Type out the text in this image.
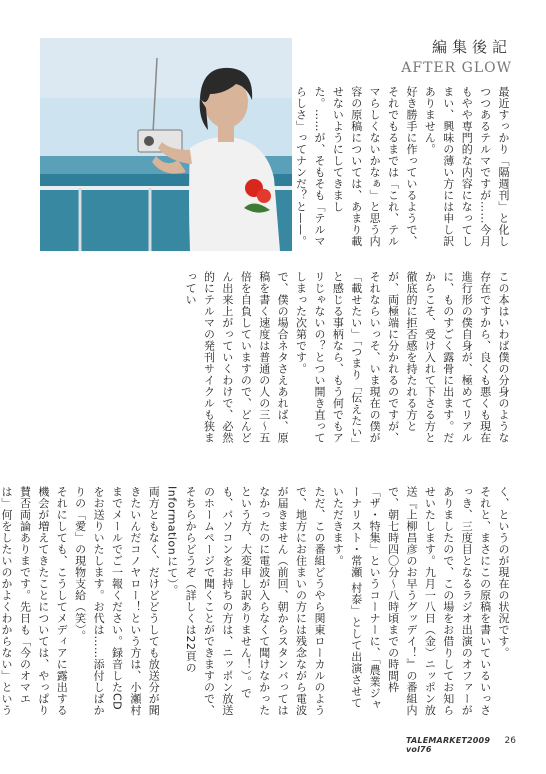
編集後記
AFTER GLOW

最近すっかり「隔週刊」と化しつつあるテルマですが……今月もやや専門的な内容になってしまい、興味の薄い方には申し訳ありません。

好き勝手に作っているようで、それでもるまでは「これ、テルマらしくないかなぁ」と思う内容の原稿については、あまり載せないようにしてきました。……が、そもそも「テルマらしさ」ってナンだ？と——。

この本はいわば僕の分身のような存在ですから、良くも悪くも現在進行形の僕自身が、極めてリアルに、ものすごく露骨に出ます。だからこそ、受け入れて下さる方と徹底的に拒否感を持たれる方とが、両極端に分かれるのですが、それならいっそ、いま現在の僕が「載せたい」「つまり「伝えたい」と感じる事柄なら、もう何でもアリじゃないの？とつい開き直ってしまった次第です。

で、僕の場合ネタさえあれば、原稿を書く速度は普通の人の三〜五倍を自負していますので、どんどん出来上がっていくわけで、必然的にテルマの発刊サイクルも狭まってい

く、というのが現在の状況です。

それと、まさにこの原稿を書いているいっさっき、三度目となるラジオ出演のオファーがありましたので、この場をお借りしてお知らせいたします。九月一八日（金）ニッポン放送『上柳昌彦のお早うグッデイ！』の番組内で、朝七時四〇分〜八時頃までの時間枠「ザ・特集」というコーナーに、「農業ジャーナリスト・常瀬 村泰」として出演させていただきます。

ただ、この番組どうやら関東ローカルのようで、地方にお住まいの方には残念ながら電波が届きません（前回、朝からスタンバってはなかったのに電波が入らなくて聞けなかったという方、大変申し訳ありません！）。でも、パソコンをお持ちの方は、ニッポン放送のホームページで聞くことができますので、そちらからどうぞ（詳しくは22頁のInformationにて）。

両方ともなく、だけどどうしても放送分が聞きたいんだコノヤロー！という方は、小瀬村までメールでご一報ください。録音したCDをお送りいたします。お代は……添付しばかりの「愛」の現物支給（笑）。

それにしても、こうしてメディアに露出する機会が増えてきたことについては、やっぱり賛否両論ありまです。先日も「今のオマエは」何をしたいのかよくわからない」という

TALEMARKET2009 vol76
26
